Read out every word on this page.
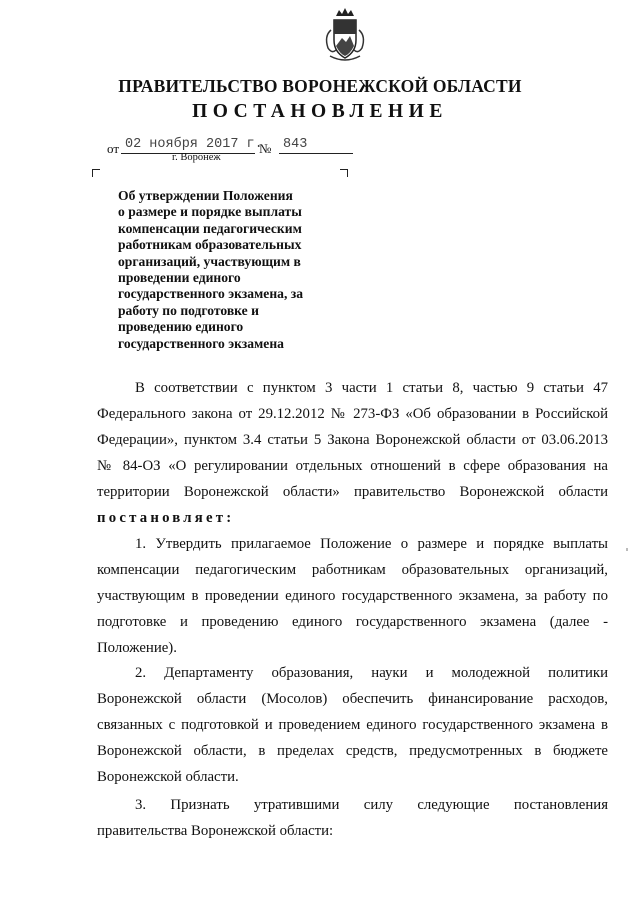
ПРАВИТЕЛЬСТВО ВОРОНЕЖСКОЙ ОБЛАСТИ
ПОСТАНОВЛЕНИЕ
от 02 ноября 2017 г.
№ 843
г. Воронеж
Об утверждении Положения
о размере и порядке выплаты
компенсации педагогическим
работникам образовательных
организаций, участвующим в
проведении единого
государственного экзамена, за
работу по подготовке и
проведению единого
государственного экзамена
В соответствии с пунктом 3 части 1 статьи 8, частью 9 статьи 47
Федерального закона от 29.12.2012 № 273-ФЗ «Об образовании в Российской
Федерации», пунктом 3.4 статьи 5 Закона Воронежской области от 03.06.2013
№ 84-ОЗ «О регулировании отдельных отношений в сфере образования на
территории Воронежской области» правительство Воронежской области
постановляет:
1. Утвердить прилагаемое Положение о размере и порядке выплаты
компенсации педагогическим работникам образовательных организаций,
участвующим в проведении единого государственного экзамена, за работу по
подготовке и проведению единого государственного экзамена (далее -
Положение).
2. Департаменту образования, науки и молодежной политики
Воронежской области (Мосолов) обеспечить финансирование расходов,
связанных с подготовкой и проведением единого государственного экзамена в
Воронежской области, в пределах средств, предусмотренных в бюджете
Воронежской области.
3. Признать утратившими силу следующие постановления
правительства Воронежской области:
